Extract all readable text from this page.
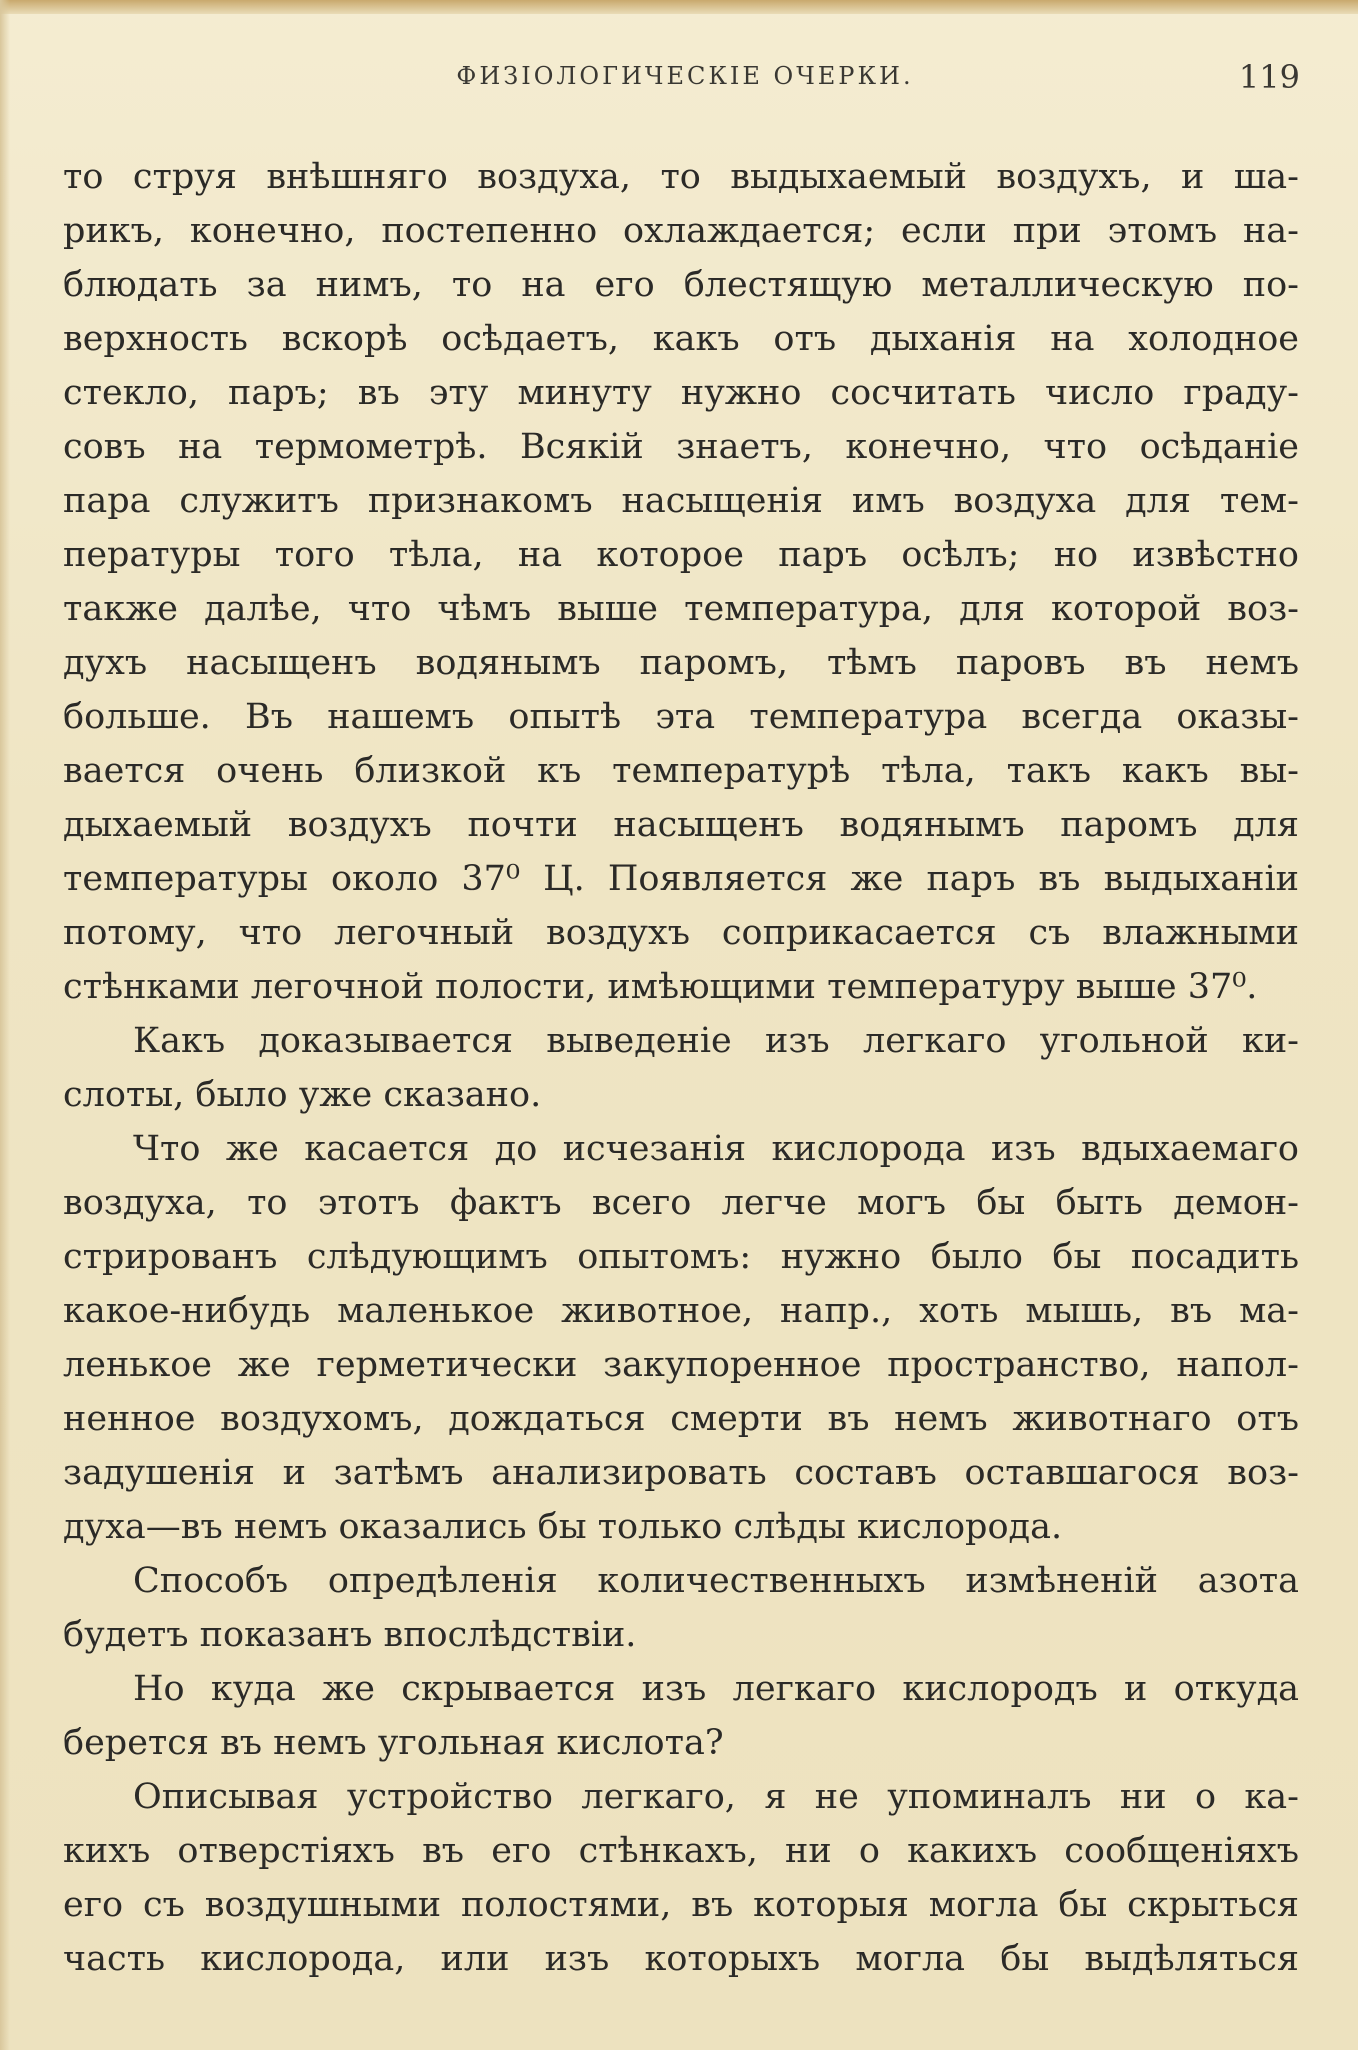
ФИЗIОЛОГИЧЕСКIЕ ОЧЕРКИ.	119
то струя внѣшняго воздуха, то выдыхаемый воздухъ, и ша-
рикъ, конечно, постепенно охлаждается; если при этомъ на-
блюдать за нимъ, то на его блестящую металлическую по-
верхность вскорѣ осѣдаетъ, какъ отъ дыханiя на холодное
стекло, паръ; въ эту минуту нужно сосчитать число граду-
совъ на термометрѣ. Всякiй знаетъ, конечно, что осѣданiе
пара служитъ признакомъ насыщенiя имъ воздуха для тем-
пературы того тѣла, на которое паръ осѣлъ; но извѣстно
также далѣе, что чѣмъ выше температура, для которой воз-
духъ насыщенъ водянымъ паромъ, тѣмъ паровъ въ немъ
больше. Въ нашемъ опытѣ эта температура всегда оказы-
вается очень близкой къ температурѣ тѣла, такъ какъ вы-
дыхаемый воздухъ почти насыщенъ водянымъ паромъ для
температуры около 37⁰ Ц. Появляется же паръ въ выдыханiи
потому, что легочный воздухъ соприкасается съ влажными
стѣнками легочной полости, имѣющими температуру выше 37⁰.
Какъ доказывается выведенiе изъ легкаго угольной ки-
слоты, было уже сказано.
Что же касается до исчезанiя кислорода изъ вдыхаемаго
воздуха, то этотъ фактъ всего легче могъ бы быть демон-
стрированъ слѣдующимъ опытомъ: нужно было бы посадить
какое-нибудь маленькое животное, напр., хоть мышь, въ ма-
ленькое же герметически закупоренное пространство, напол-
ненное воздухомъ, дождаться смерти въ немъ животнаго отъ
задушенiя и затѣмъ анализировать составъ оставшагося воз-
духа—въ немъ оказались бы только слѣды кислорода.
Способъ опредѣленiя количественныхъ измѣненiй азота
будетъ показанъ впослѣдствiи.
Но куда же скрывается изъ легкаго кислородъ и откуда
берется въ немъ угольная кислота?
Описывая устройство легкаго, я не упоминалъ ни о ка-
кихъ отверстiяхъ въ его стѣнкахъ, ни о какихъ сообщенiяхъ
его съ воздушными полостями, въ которыя могла бы скрыться
часть кислорода, или изъ которыхъ могла бы выдѣляться
